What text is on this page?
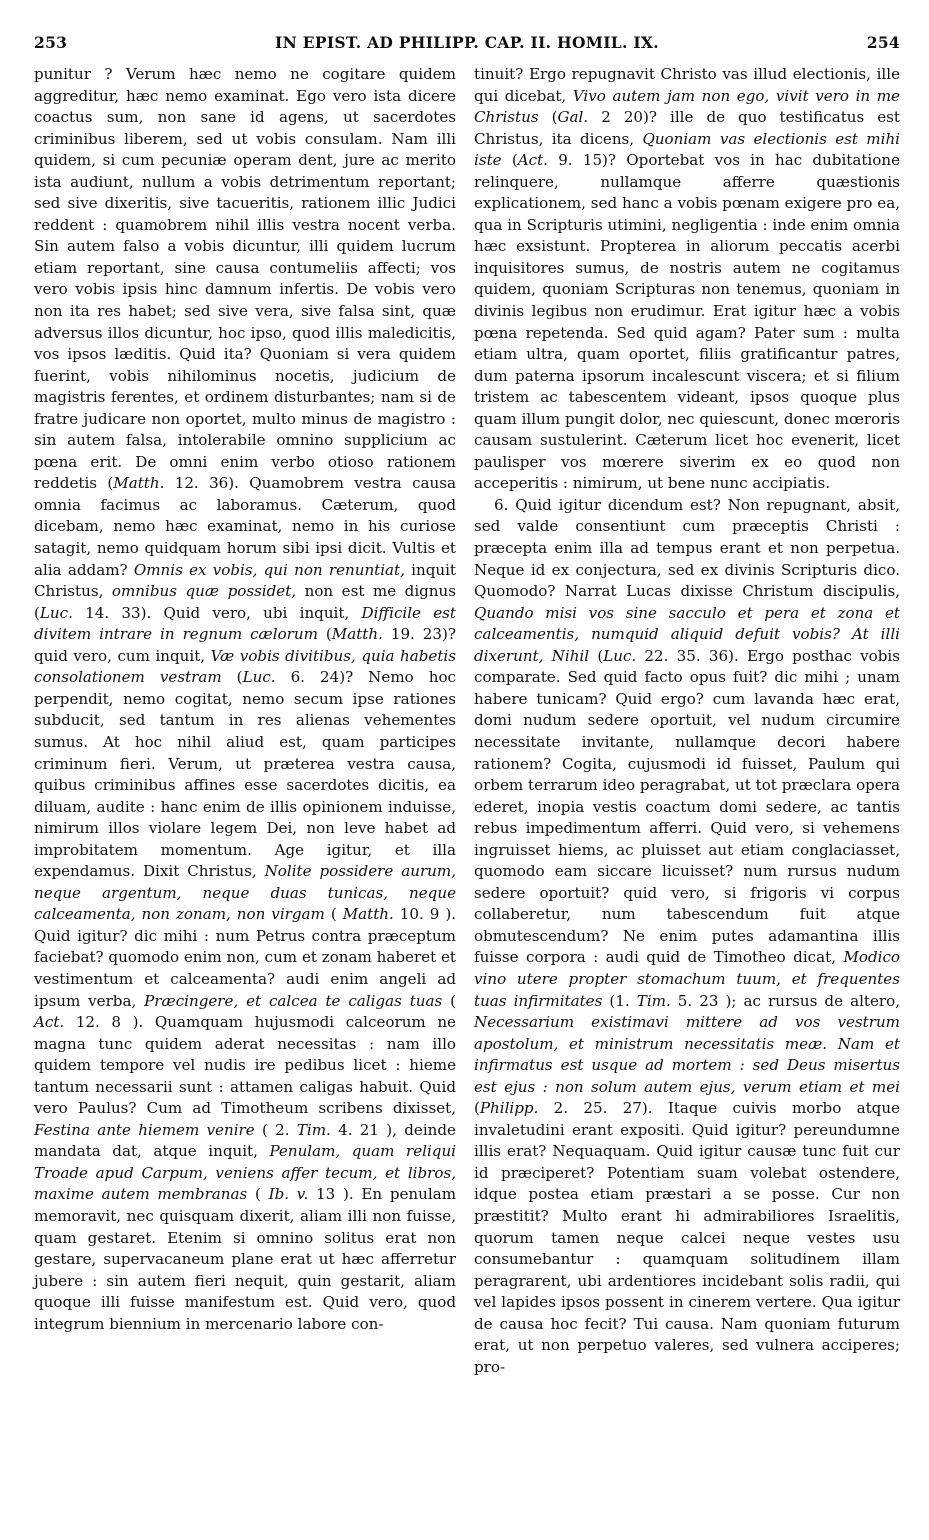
253	IN EPIST. AD PHILIPP. CAP. II. HOMIL. IX.	254

punitur ? Verum hæc nemo ne cogitare quidem aggreditur, hæc nemo examinat. Ego vero ista dicere coactus sum, non sane id agens, ut sacerdotes criminibus liberem, sed ut vobis consulam. Nam illi quidem, si cum pecuniæ operam dent, jure ac merito ista audiunt, nullum a vobis detrimentum reportant; sed sive dixeritis, sive tacueritis, rationem illic Judici reddent : quamobrem nihil illis vestra nocent verba. Sin autem falso a vobis dicuntur, illi quidem lucrum etiam reportant, sine causa contumeliis affecti; vos vero vobis ipsis hinc damnum infertis. De vobis vero non ita res habet; sed sive vera, sive falsa sint, quæ adversus illos dicuntur, hoc ipso, quod illis maledicitis, vos ipsos læditis. Quid ita? Quoniam si vera quidem fuerint, vobis nihilominus nocetis, judicium de magistris ferentes, et ordinem disturbantes; nam si de fratre judicare non oportet, multo minus de magistro : sin autem falsa, intolerabile omnino supplicium ac pœna erit. De omni enim verbo otioso rationem reddetis (Matth. 12. 36). Quamobrem vestra causa omnia facimus ac laboramus. Cæterum, quod dicebam, nemo hæc examinat, nemo in his curiose satagit, nemo quidquam horum sibi ipsi dicit. Vultis et alia addam? Omnis ex vobis, qui non renuntiat, inquit Christus, omnibus quæ possidet, non est me dignus (Luc. 14. 33). Quid vero, ubi inquit, Difficile est divitem intrare in regnum cælorum (Matth. 19. 23)? quid vero, cum inquit, Væ vobis divitibus, quia habetis consolationem vestram (Luc. 6. 24)? Nemo hoc perpendit, nemo cogitat, nemo secum ipse rationes subducit, sed tantum in res alienas vehementes sumus. At hoc nihil aliud est, quam participes criminum fieri. Verum, ut præterea vestra causa, quibus criminibus affines esse sacerdotes dicitis, ea diluam, audite : hanc enim de illis opinionem induisse, nimirum illos violare legem Dei, non leve habet ad improbitatem momentum. Age igitur, et illa expendamus. Dixit Christus, Nolite possidere aurum, neque argentum, neque duas tunicas, neque calceamenta, non zonam, non virgam ( Matth. 10. 9 ). Quid igitur? dic mihi : num Petrus contra præceptum faciebat? quomodo enim non, cum et zonam haberet et vestimentum et calceamenta? audi enim angeli ad ipsum verba, Præcingere, et calcea te caligas tuas ( Act. 12. 8 ). Quamquam hujusmodi calceorum ne magna tunc quidem aderat necessitas : nam illo quidem tempore vel nudis ire pedibus licet : hieme tantum necessarii sunt : attamen caligas habuit. Quid vero Paulus? Cum ad Timotheum scribens dixisset, Festina ante hiemem venire ( 2. Tim. 4. 21 ), deinde mandata dat, atque inquit, Penulam, quam reliqui Troade apud Carpum, veniens affer tecum, et libros, maxime autem membranas ( Ib. v. 13 ). En penulam memoravit, nec quisquam dixerit, aliam illi non fuisse, quam gestaret. Etenim si omnino solitus erat non gestare, supervacaneum plane erat ut hæc afferretur jubere : sin autem fieri nequit, quin gestarit, aliam quoque illi fuisse manifestum est. Quid vero, quod integrum biennium in mercenario labore con-

tinuit? Ergo repugnavit Christo vas illud electionis, ille qui dicebat, Vivo autem jam non ego, vivit vero in me Christus (Gal. 2 20)? ille de quo testificatus est Christus, ita dicens, Quoniam vas electionis est mihi iste (Act. 9. 15)? Oportebat vos in hac dubitatione relinquere, nullamque afferre quæstionis explicationem, sed hanc a vobis pœnam exigere pro ea, qua in Scripturis utimini, negligentia : inde enim omnia hæc exsistunt. Propterea in aliorum peccatis acerbi inquisitores sumus, de nostris autem ne cogitamus quidem, quoniam Scripturas non tenemus, quoniam in divinis legibus non erudimur. Erat igitur hæc a vobis pœna repetenda. Sed quid agam? Pater sum : multa etiam ultra, quam oportet, filiis gratificantur patres, dum paterna ipsorum incalescunt viscera; et si filium tristem ac tabescentem videant, ipsos quoque plus quam illum pungit dolor, nec quiescunt, donec mœroris causam sustulerint. Cæterum licet hoc evenerit, licet paulisper vos mœrere siverim ex eo quod non acceperitis : nimirum, ut bene nunc accipiatis.

6. Quid igitur dicendum est? Non repugnant, absit, sed valde consentiunt cum præceptis Christi : præcepta enim illa ad tempus erant et non perpetua. Neque id ex conjectura, sed ex divinis Scripturis dico. Quomodo? Narrat Lucas dixisse Christum discipulis, Quando misi vos sine sacculo et pera et zona et calceamentis, numquid aliquid defuit vobis? At illi dixerunt, Nihil (Luc. 22. 35. 36). Ergo posthac vobis comparate. Sed quid facto opus fuit? dic mihi ; unam habere tunicam? Quid ergo? cum lavanda hæc erat, domi nudum sedere oportuit, vel nudum circumire necessitate invitante, nullamque decori habere rationem? Cogita, cujusmodi id fuisset, Paulum qui orbem terrarum ideo peragrabat, ut tot præclara opera ederet, inopia vestis coactum domi sedere, ac tantis rebus impedimentum afferri. Quid vero, si vehemens ingruisset hiems, ac pluisset aut etiam conglaciasset, quomodo eam siccare licuisset? num rursus nudum sedere oportuit? quid vero, si frigoris vi corpus collaberetur, num tabescendum fuit atque obmutescendum? Ne enim putes adamantina illis fuisse corpora : audi quid de Timotheo dicat, Modico vino utere propter stomachum tuum, et frequentes tuas infirmitates (1. Tim. 5. 23 ); ac rursus de altero, Necessarium existimavi mittere ad vos vestrum apostolum, et ministrum necessitatis meæ. Nam et infirmatus est usque ad mortem : sed Deus misertus est ejus : non solum autem ejus, verum etiam et mei (Philipp. 2. 25. 27). Itaque cuivis morbo atque invaletudini erant expositi. Quid igitur? pereundumne illis erat? Nequaquam. Quid igitur causæ tunc fuit cur id præciperet? Potentiam suam volebat ostendere, idque postea etiam præstari a se posse. Cur non præstitit? Multo erant hi admirabiliores Israelitis, quorum tamen neque calcei neque vestes usu consumebantur : quamquam solitudinem illam peragrarent, ubi ardentiores incidebant solis radii, qui vel lapides ipsos possent in cinerem vertere. Qua igitur de causa hoc fecit? Tui causa. Nam quoniam futurum erat, ut non perpetuo valeres, sed vulnera acciperes; pro-
